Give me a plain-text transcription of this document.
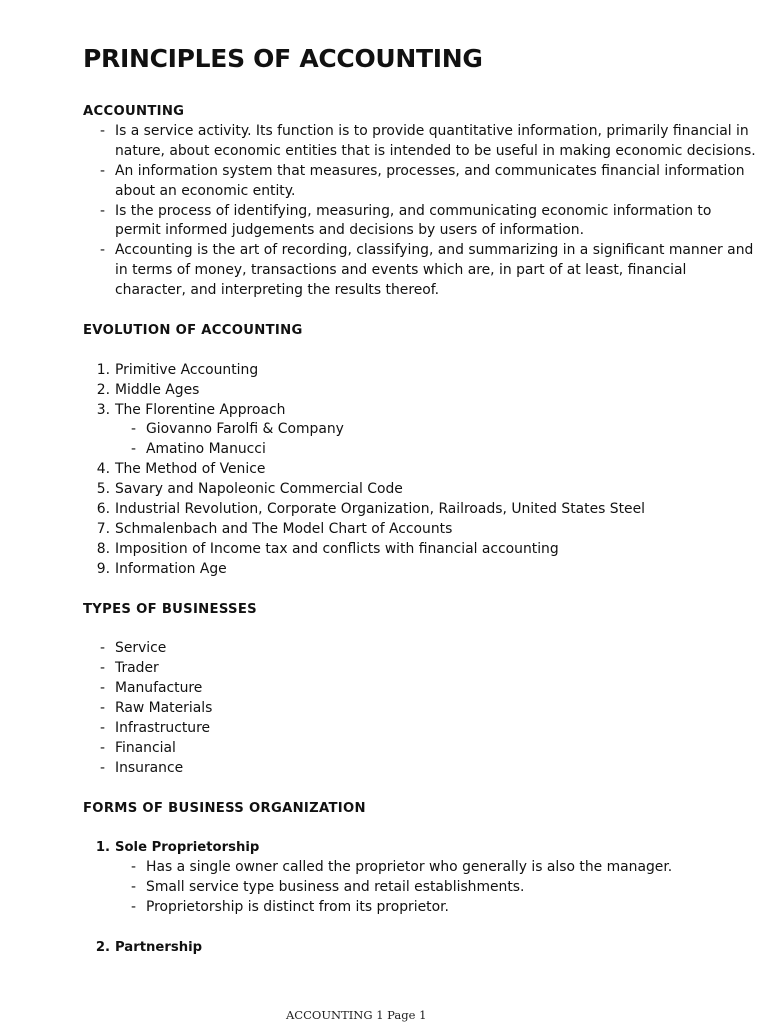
PRINCIPLES OF ACCOUNTING
ACCOUNTING
- Is a service activity. Its function is to provide quantitative information, primarily financial in nature, about economic entities that is intended to be useful in making economic decisions.
- An information system that measures, processes, and communicates financial information about an economic entity.
- Is the process of identifying, measuring, and communicating economic information to permit informed judgements and decisions by users of information.
- Accounting is the art of recording, classifying, and summarizing in a significant manner and in terms of money, transactions and events which are, in part of at least, financial character, and interpreting the results thereof.
EVOLUTION OF ACCOUNTING
1. Primitive Accounting
2. Middle Ages
3. The Florentine Approach
- Giovanno Farolfi & Company
- Amatino Manucci
4. The Method of Venice
5. Savary and Napoleonic Commercial Code
6. Industrial Revolution, Corporate Organization, Railroads, United States Steel
7. Schmalenbach and The Model Chart of Accounts
8. Imposition of Income tax and conflicts with financial accounting
9. Information Age
TYPES OF BUSINESSES
- Service
- Trader
- Manufacture
- Raw Materials
- Infrastructure
- Financial
- Insurance
FORMS OF BUSINESS ORGANIZATION
1. Sole Proprietorship
- Has a single owner called the proprietor who generally is also the manager.
- Small service type business and retail establishments.
- Proprietorship is distinct from its proprietor.
2. Partnership
ACCOUNTING 1 Page 1
